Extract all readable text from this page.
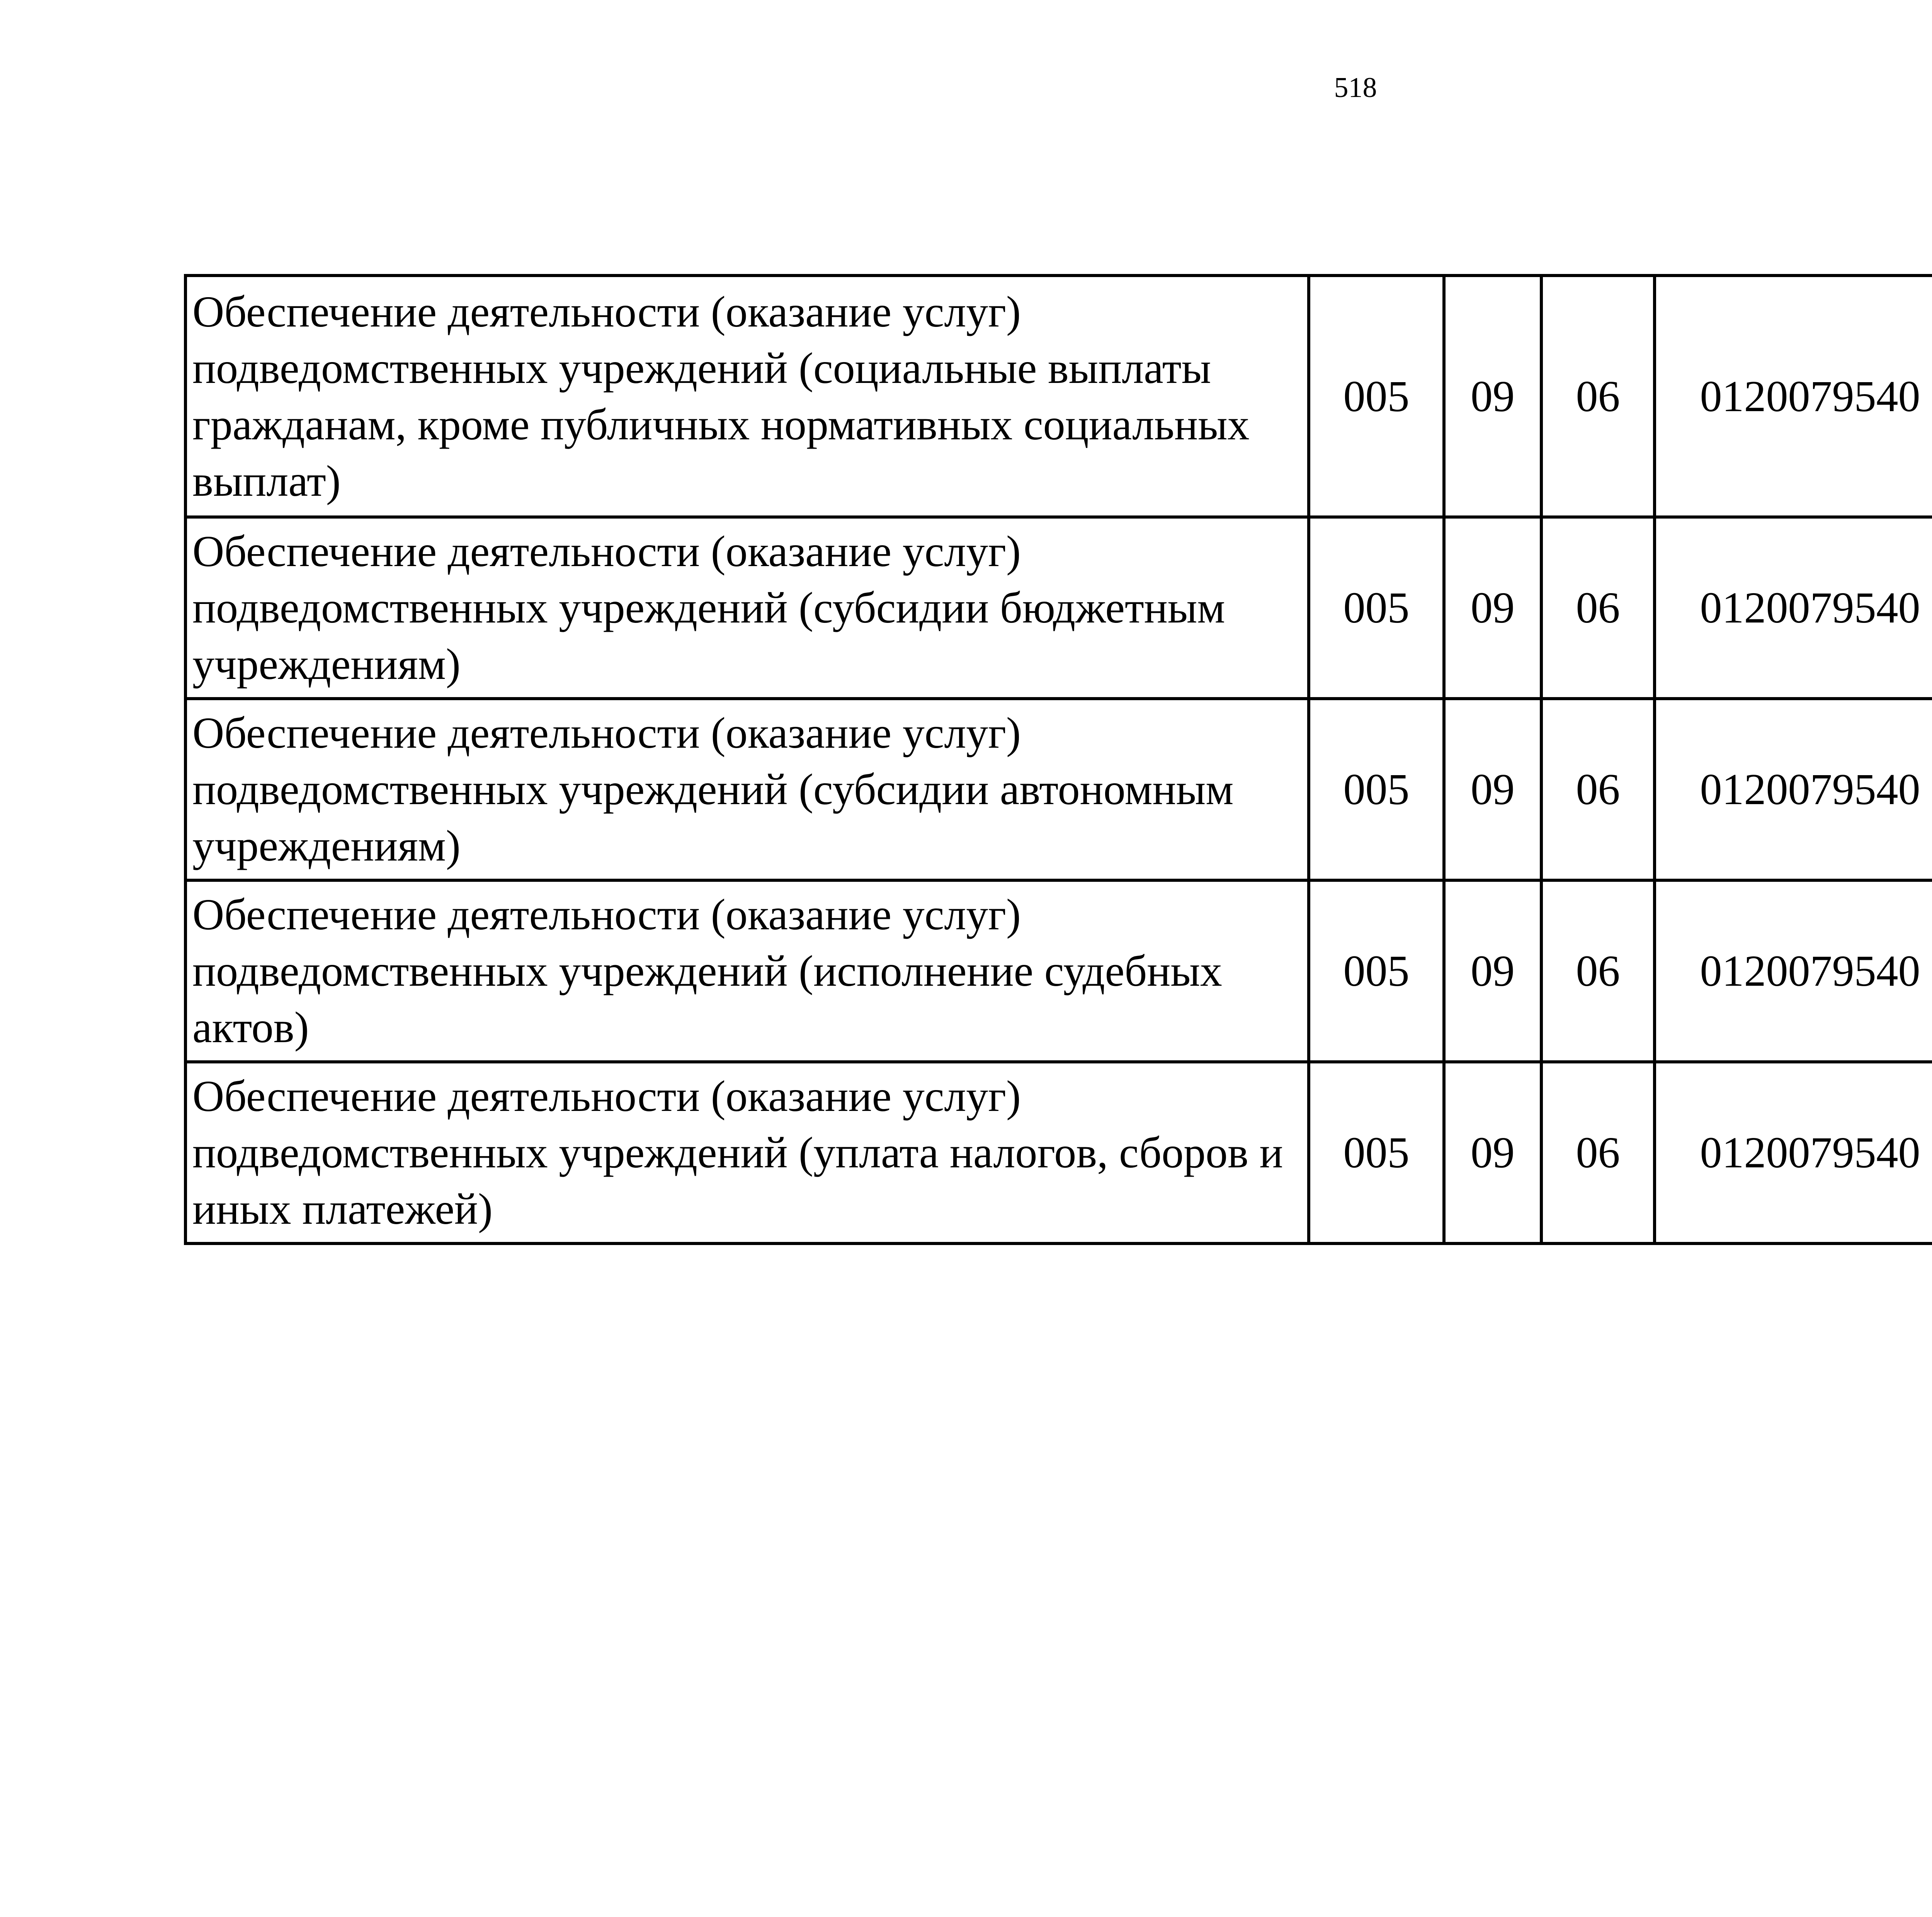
518
Обеспечение деятельности (оказание услуг) подведомственных учреждений (социальные выплаты гражданам, кроме публичных нормативных социальных выплат)	005	09	06	0120079540		
Обеспечение деятельности (оказание услуг) подведомственных учреждений (субсидии бюджетным учреждениям)	005	09	06	0120079540		
Обеспечение деятельности (оказание услуг) подведомственных учреждений (субсидии автономным учреждениям)	005	09	06	0120079540		
Обеспечение деятельности (оказание услуг) подведомственных учреждений (исполнение судебных актов)	005	09	06	0120079540		
Обеспечение деятельности (оказание услуг) подведомственных учреждений (уплата налогов, сборов и иных платежей)	005	09	06	0120079540		
